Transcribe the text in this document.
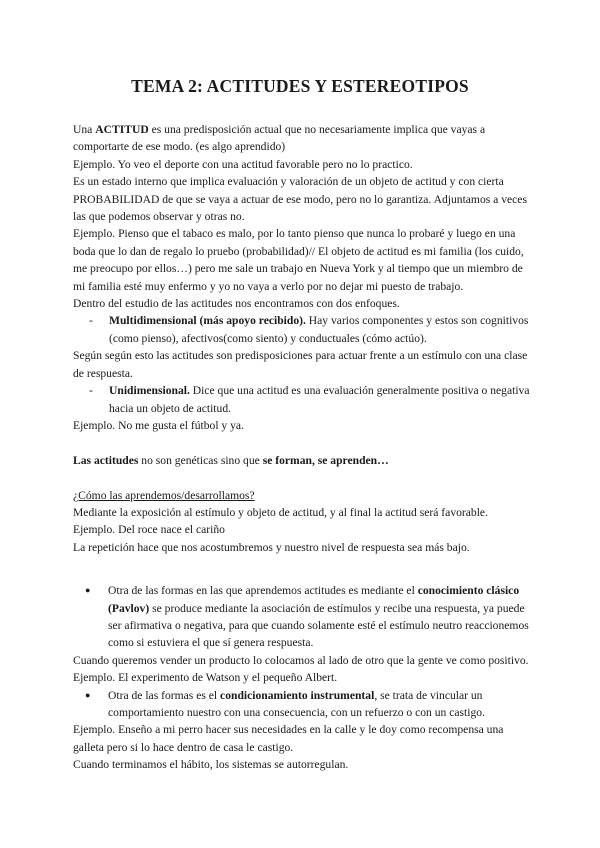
TEMA 2: ACTITUDES Y ESTEREOTIPOS

Una ACTITUD es una predisposición actual que no necesariamente implica que vayas a comportarte de ese modo. (es algo aprendido)

Ejemplo. Yo veo el deporte con una actitud favorable pero no lo practico.

Es un estado interno que implica evaluación y valoración de un objeto de actitud y con cierta PROBABILIDAD de que se vaya a actuar de ese modo, pero no lo garantiza. Adjuntamos a veces las que podemos observar y otras no.

Ejemplo. Pienso que el tabaco es malo, por lo tanto pienso que nunca lo probaré y luego en una boda que lo dan de regalo lo pruebo (probabilidad)// El objeto de actitud es mi familia (los cuido, me preocupo por ellos…) pero me sale un trabajo en Nueva York y al tiempo que un miembro de mi familia esté muy enfermo y yo no vaya a verlo por no dejar mi puesto de trabajo.

Dentro del estudio de las actitudes nos encontramos con dos enfoques.

-	Multidimensional (más apoyo recibido). Hay varios componentes y estos son cognitivos (como pienso), afectivos(como siento) y conductuales (cómo actúo).

Según según esto las actitudes son predisposiciones para actuar frente a un estímulo con una clase de respuesta.

-	Unidimensional. Dice que una actitud es una evaluación generalmente positiva o negativa hacia un objeto de actitud.

Ejemplo. No me gusta el fútbol y ya.

Las actitudes no son genéticas sino que se forman, se aprenden…

¿Cómo las aprendemos/desarrollamos?

Mediante la exposición al estímulo y objeto de actitud, y al final la actitud será favorable.

Ejemplo. Del roce nace el cariño

La repetición hace que nos acostumbremos y nuestro nivel de respuesta sea más bajo.

●	Otra de las formas en las que aprendemos actitudes es mediante el conocimiento clásico (Pavlov) se produce mediante la asociación de estímulos y recibe una respuesta, ya puede ser afirmativa o negativa, para que cuando solamente esté el estímulo neutro reaccionemos como si estuviera el que sí genera respuesta.

Cuando queremos vender un producto lo colocamos al lado de otro que la gente ve como positivo.

Ejemplo. El experimento de Watson y el pequeño Albert.

●	Otra de las formas es el condicionamiento instrumental, se trata de vincular un comportamiento nuestro con una consecuencia, con un refuerzo o con un castigo.

Ejemplo. Enseño a mi perro hacer sus necesidades en la calle y le doy como recompensa una galleta pero si lo hace dentro de casa le castigo.

Cuando terminamos el hábito, los sistemas se autorregulan.
